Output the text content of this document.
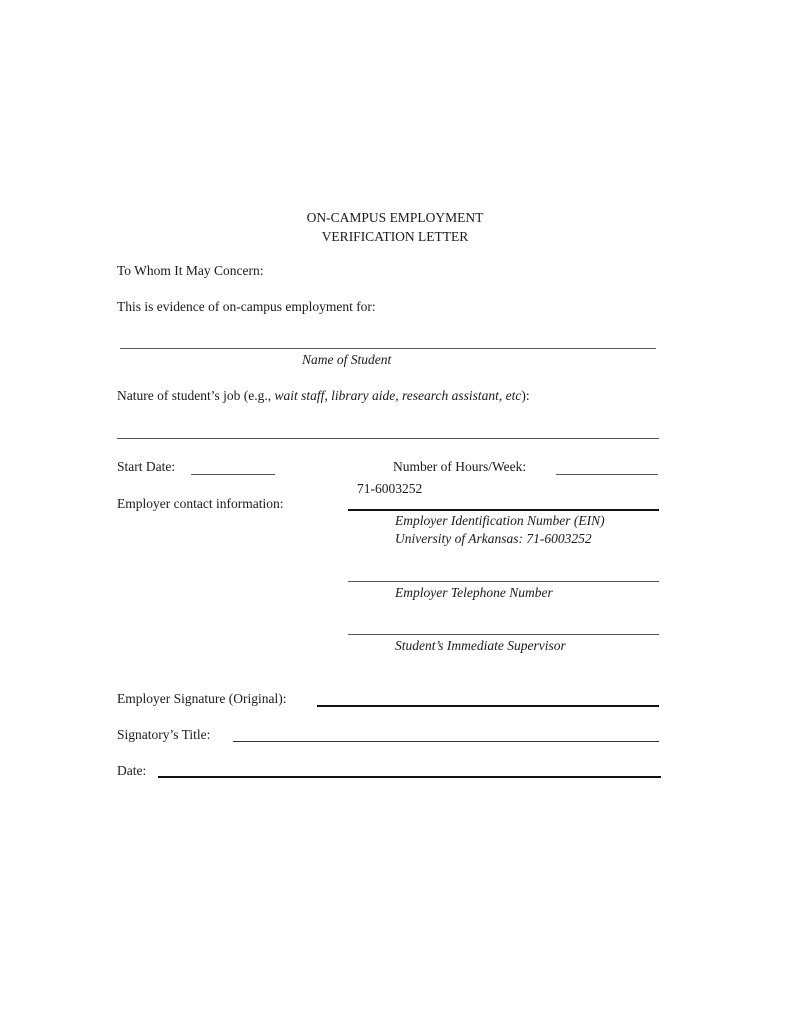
ON-CAMPUS EMPLOYMENT
VERIFICATION LETTER
To Whom It May Concern:
This is evidence of on-campus employment for:
Name of Student
Nature of student’s job (e.g., wait staff, library aide, research assistant, etc):
Start Date:	Number of Hours/Week:
Employer contact information:
71-6003252
Employer Identification Number (EIN)
University of Arkansas: 71-6003252
Employer Telephone Number
Student’s Immediate Supervisor
Employer Signature (Original):
Signatory’s Title:
Date:
